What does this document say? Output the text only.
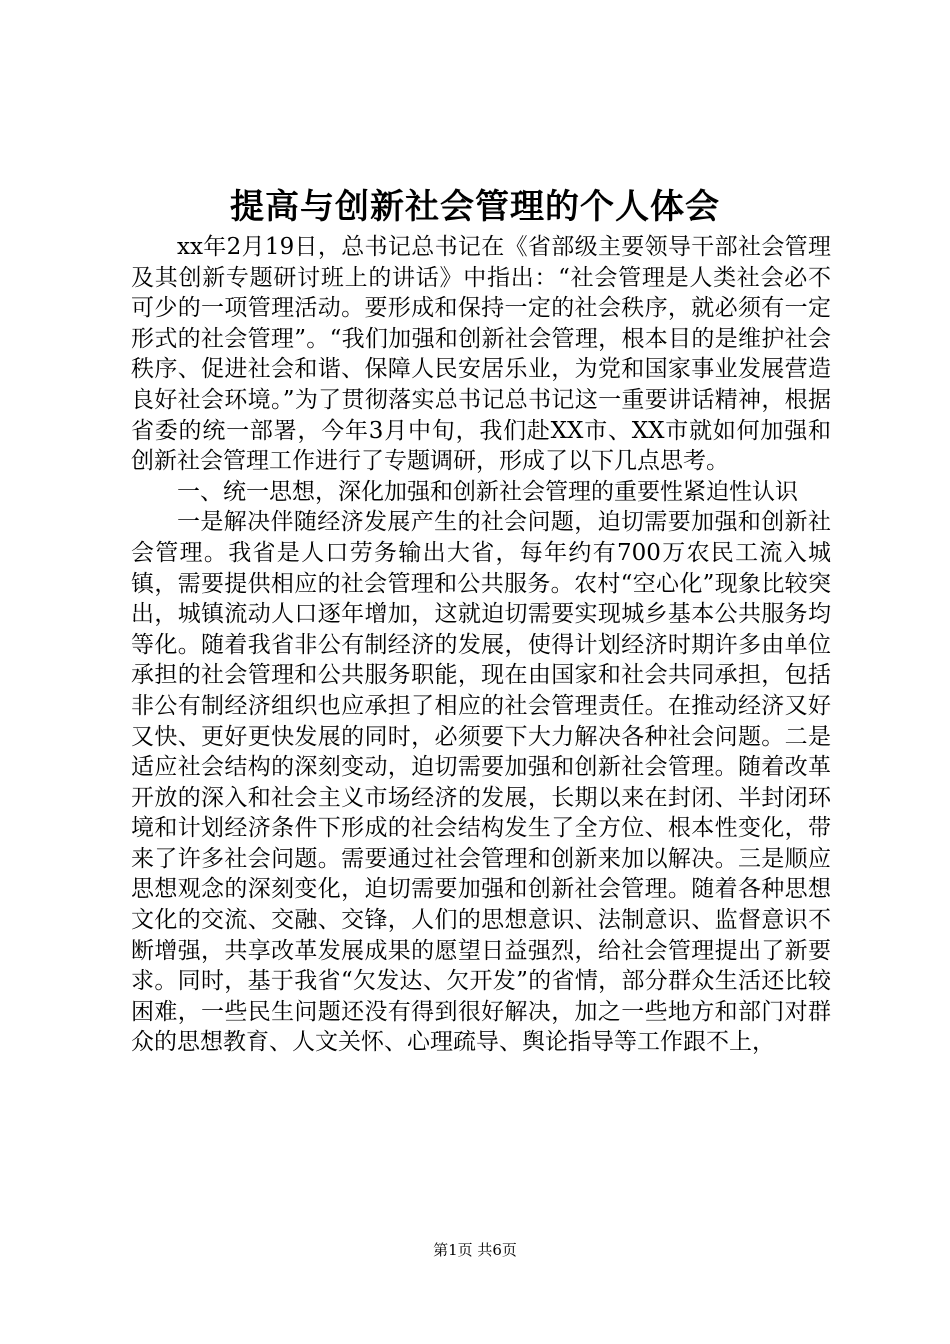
提高与创新社会管理的个人体会

xx年2月19日，总书记总书记在《省部级主要领导干部社会管理及其创新专题研讨班上的讲话》中指出：“社会管理是人类社会必不可少的一项管理活动。要形成和保持一定的社会秩序，就必须有一定形式的社会管理”。“我们加强和创新社会管理，根本目的是维护社会秩序、促进社会和谐、保障人民安居乐业，为党和国家事业发展营造良好社会环境。”为了贯彻落实总书记总书记这一重要讲话精神，根据省委的统一部署，今年3月中旬，我们赴XX市、XX市就如何加强和创新社会管理工作进行了专题调研，形成了以下几点思考。

一、统一思想，深化加强和创新社会管理的重要性紧迫性认识

一是解决伴随经济发展产生的社会问题，迫切需要加强和创新社会管理。我省是人口劳务输出大省，每年约有700万农民工流入城镇，需要提供相应的社会管理和公共服务。农村“空心化”现象比较突出，城镇流动人口逐年增加，这就迫切需要实现城乡基本公共服务均等化。随着我省非公有制经济的发展，使得计划经济时期许多由单位承担的社会管理和公共服务职能，现在由国家和社会共同承担，包括非公有制经济组织也应承担了相应的社会管理责任。在推动经济又好又快、更好更快发展的同时，必须要下大力解决各种社会问题。二是适应社会结构的深刻变动，迫切需要加强和创新社会管理。随着改革开放的深入和社会主义市场经济的发展，长期以来在封闭、半封闭环境和计划经济条件下形成的社会结构发生了全方位、根本性变化，带来了许多社会问题。需要通过社会管理和创新来加以解决。三是顺应思想观念的深刻变化，迫切需要加强和创新社会管理。随着各种思想文化的交流、交融、交锋，人们的思想意识、法制意识、监督意识不断增强，共享改革发展成果的愿望日益强烈，给社会管理提出了新要求。同时，基于我省“欠发达、欠开发”的省情，部分群众生活还比较困难，一些民生问题还没有得到很好解决，加之一些地方和部门对群众的思想教育、人文关怀、心理疏导、舆论指导等工作跟不上，

第1页 共6页
